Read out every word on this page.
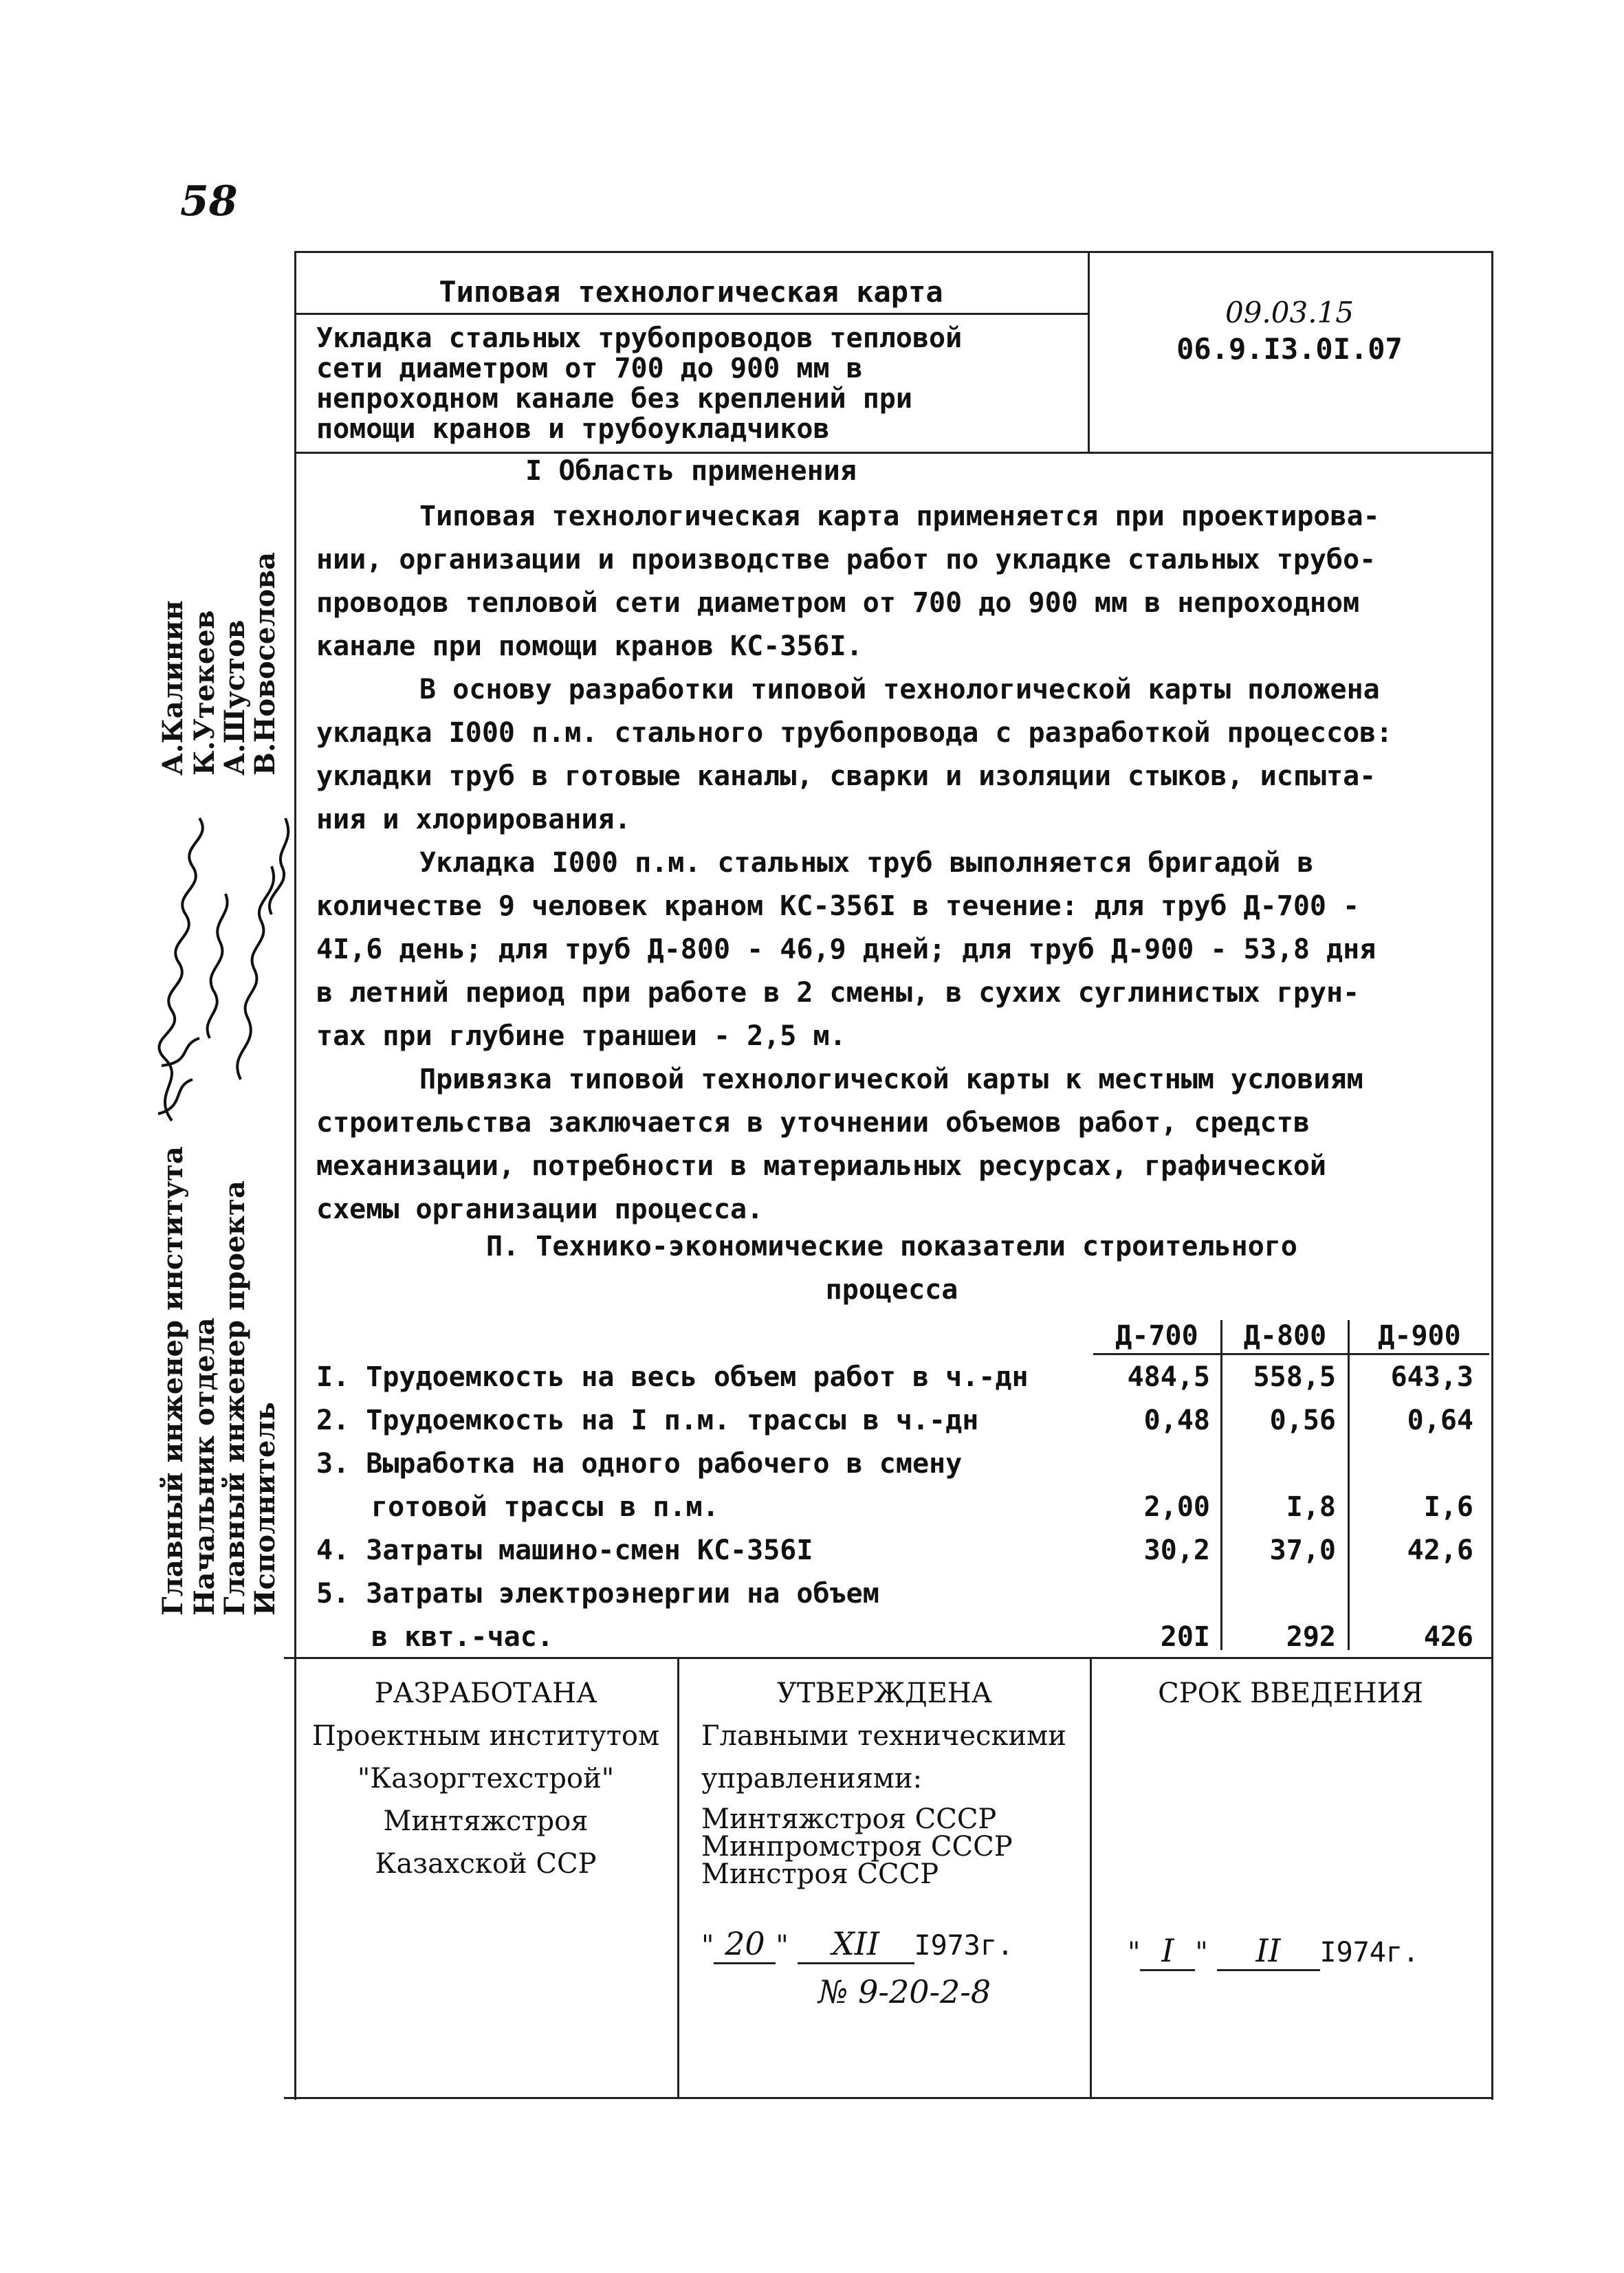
58
Типовая технологическая карта
Укладка стальных трубопроводов тепловой
сети диаметром от 700 до 900 мм в
непроходном канале без креплений при
помощи кранов и трубоукладчиков
09.03.15
06.9.I3.0I.07
I Область применения

Типовая технологическая карта применяется при проектирова-

нии, организации и производстве работ по укладке стальных трубо-

проводов тепловой сети диаметром от 700 до 900 мм в непроходном

канале при помощи кранов КС-356I.

В основу разработки типовой технологической карты положена

укладка I000 п.м. стального трубопровода с разработкой процессов:

укладки труб в готовые каналы, сварки и изоляции стыков, испыта-

ния и хлорирования.

Укладка I000 п.м. стальных труб выполняется бригадой в

количестве 9 человек краном КС-356I в течение: для труб Д-700 -

4I,6 день; для труб Д-800 - 46,9 дней; для труб Д-900 - 53,8 дня

в летний период при работе в 2 смены, в сухих суглинистых грун-

тах при глубине траншеи - 2,5 м.

Привязка типовой технологической карты к местным условиям

строительства заключается в уточнении объемов работ, средств

механизации, потребности в материальных ресурсах, графической

схемы организации процесса.

П. Технико-экономические показатели строительного
процесса
Д-700	Д-800	Д-900
I. Трудоемкость на весь объем работ в ч.-дн	484,5	558,5	643,3
2. Трудоемкость на I п.м. трассы в ч.-дн	0,48	0,56	0,64
3. Выработка на одного рабочего в смену
готовой трассы в п.м.	2,00	I,8	I,6
4. Затраты машино-смен КС-356I	30,2	37,0	42,6
5. Затраты электроэнергии на объем
в квт.-час.	20I	292	426
РАЗРАБОТАНА
Проектным институтом
"Казоргтехстрой"
Минтяжстроя
Казахской ССР
УТВЕРЖДЕНА
Главными техническими
управлениями:
Минтяжстроя СССР
Минпромстроя СССР
Минстроя СССР
" 20 " XII I973г.
№ 9-20-2-8
СРОК ВВЕДЕНИЯ
" I " II I974г.
Главный инженер института Начальник отдела
Главный инженер проекта
Исполнитель
А.Калинин К.Утекеев
А.Шустов
В.Новоселова
